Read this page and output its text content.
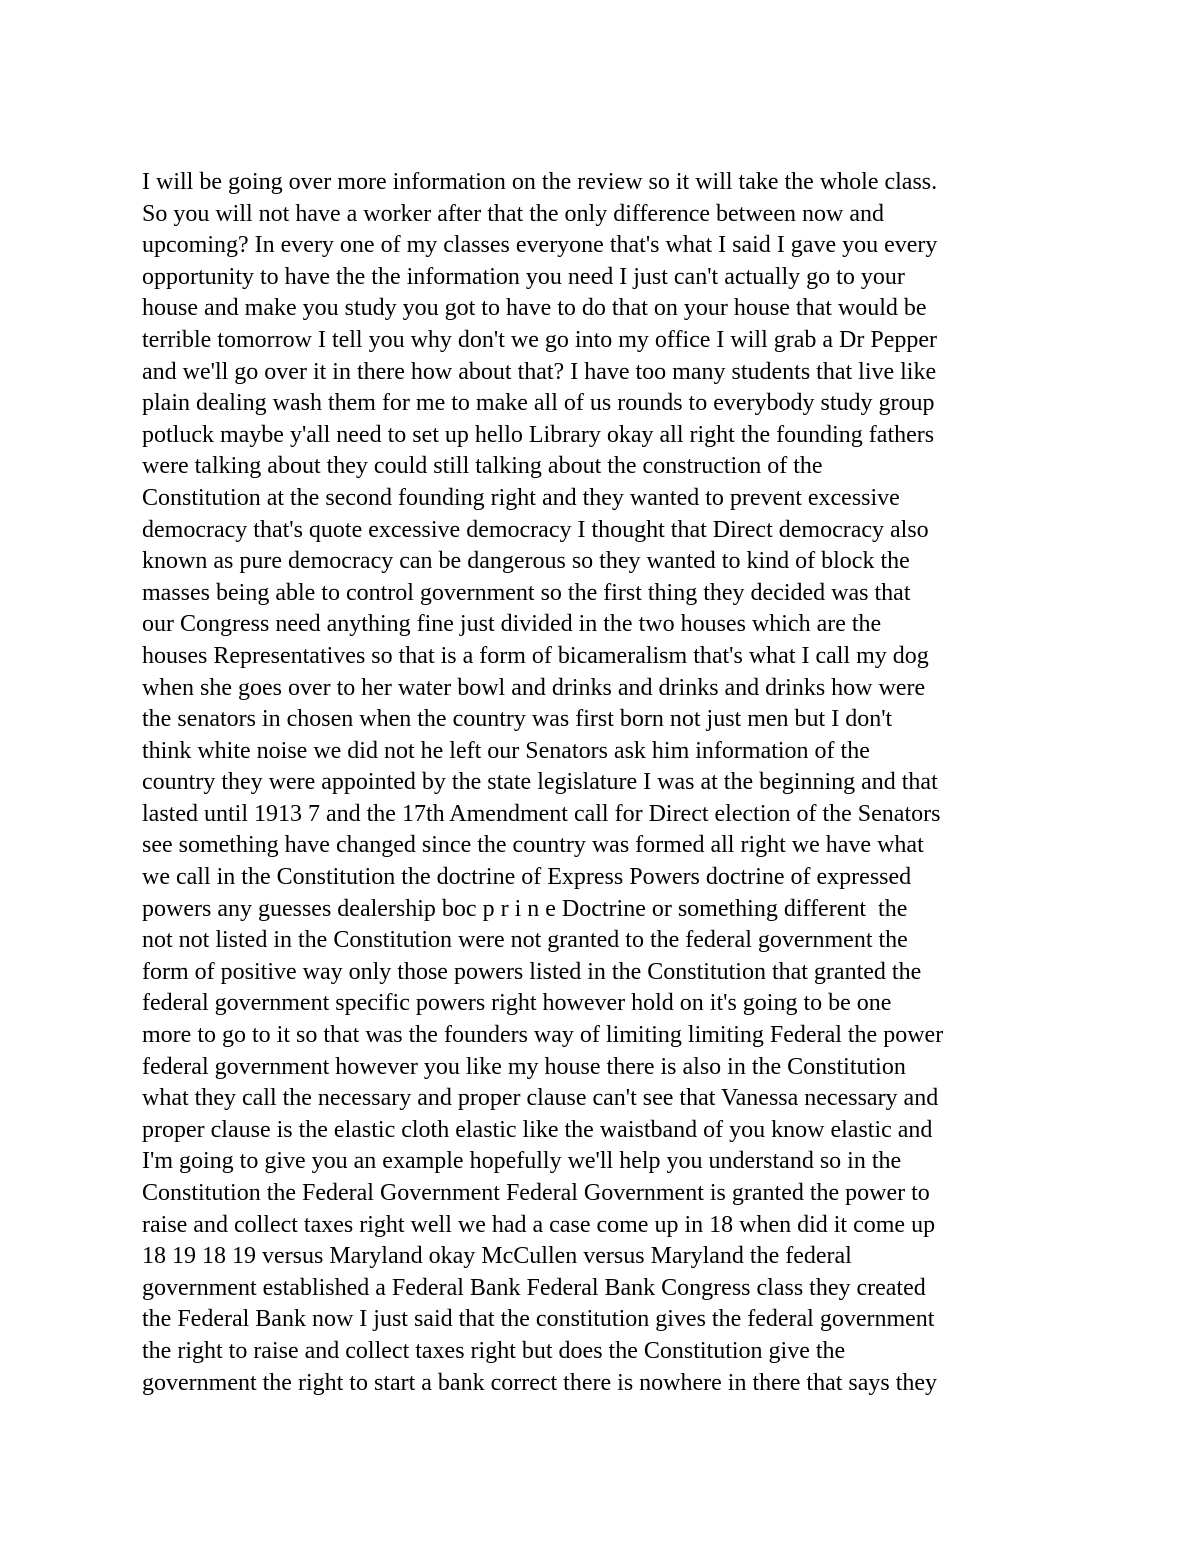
I will be going over more information on the review so it will take the whole class.
So you will not have a worker after that the only difference between now and
upcoming? In every one of my classes everyone that's what I said I gave you every
opportunity to have the the information you need I just can't actually go to your
house and make you study you got to have to do that on your house that would be
terrible tomorrow I tell you why don't we go into my office I will grab a Dr Pepper
and we'll go over it in there how about that? I have too many students that live like
plain dealing wash them for me to make all of us rounds to everybody study group
potluck maybe y'all need to set up hello Library okay all right the founding fathers
were talking about they could still talking about the construction of the
Constitution at the second founding right and they wanted to prevent excessive
democracy that's quote excessive democracy I thought that Direct democracy also
known as pure democracy can be dangerous so they wanted to kind of block the
masses being able to control government so the first thing they decided was that
our Congress need anything fine just divided in the two houses which are the
houses Representatives so that is a form of bicameralism that's what I call my dog
when she goes over to her water bowl and drinks and drinks and drinks how were
the senators in chosen when the country was first born not just men but I don't
think white noise we did not he left our Senators ask him information of the
country they were appointed by the state legislature I was at the beginning and that
lasted until 1913 7 and the 17th Amendment call for Direct election of the Senators
see something have changed since the country was formed all right we have what
we call in the Constitution the doctrine of Express Powers doctrine of expressed
powers any guesses dealership boc p r i n e Doctrine or something different  the
not not listed in the Constitution were not granted to the federal government the
form of positive way only those powers listed in the Constitution that granted the
federal government specific powers right however hold on it's going to be one
more to go to it so that was the founders way of limiting limiting Federal the power
federal government however you like my house there is also in the Constitution
what they call the necessary and proper clause can't see that Vanessa necessary and
proper clause is the elastic cloth elastic like the waistband of you know elastic and
I'm going to give you an example hopefully we'll help you understand so in the
Constitution the Federal Government Federal Government is granted the power to
raise and collect taxes right well we had a case come up in 18 when did it come up
18 19 18 19 versus Maryland okay McCullen versus Maryland the federal
government established a Federal Bank Federal Bank Congress class they created
the Federal Bank now I just said that the constitution gives the federal government
the right to raise and collect taxes right but does the Constitution give the
government the right to start a bank correct there is nowhere in there that says they
